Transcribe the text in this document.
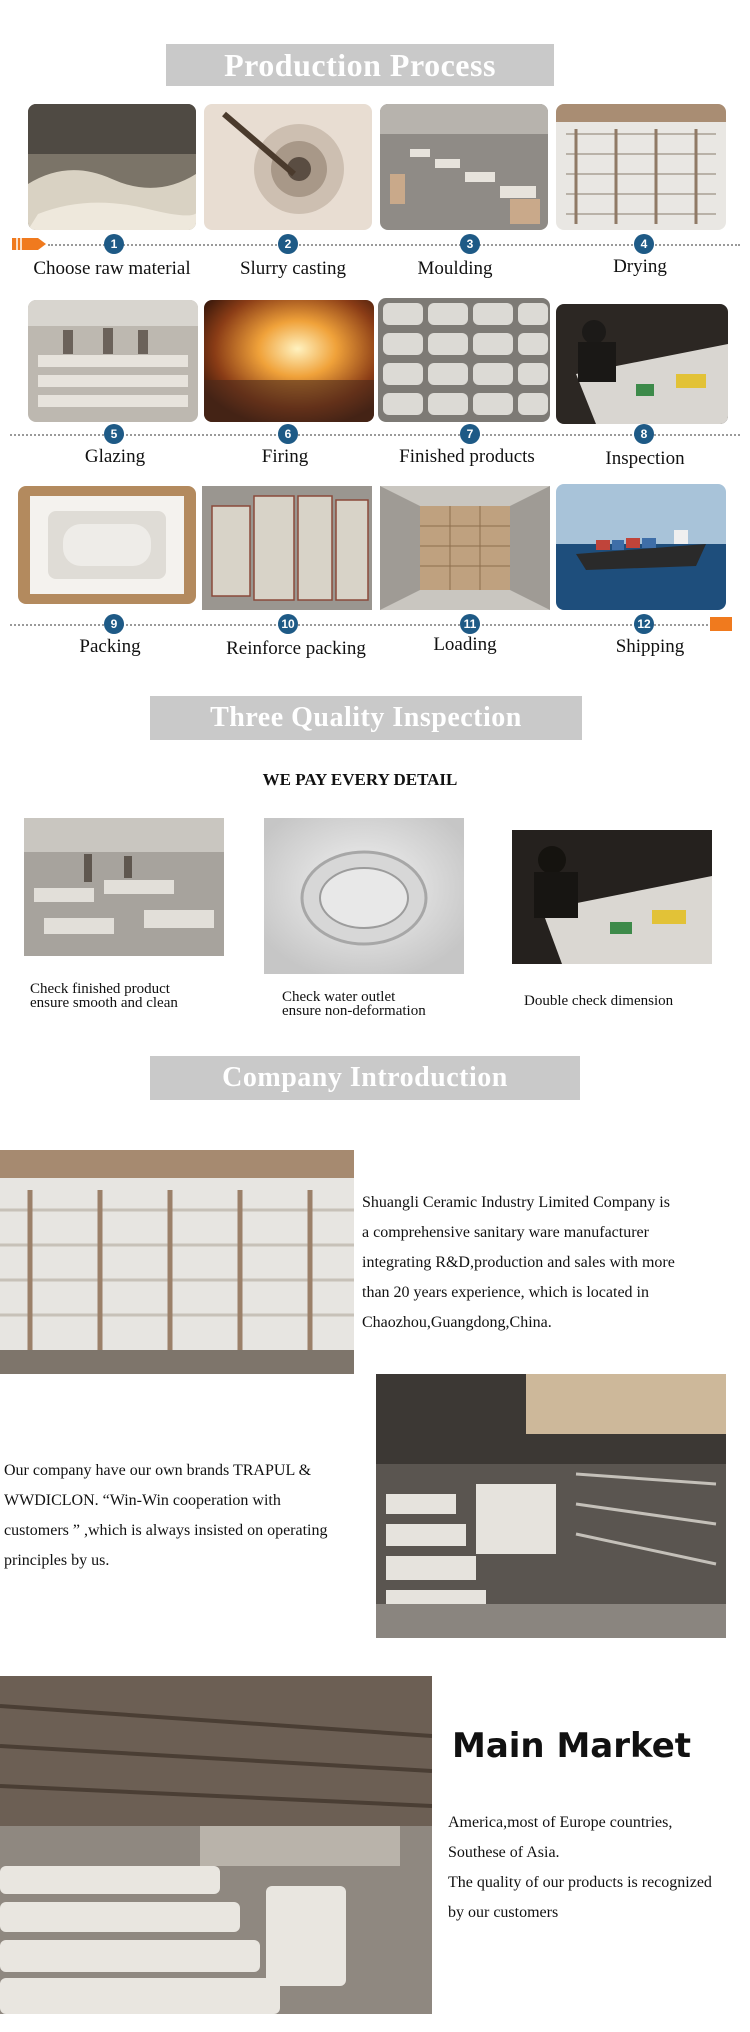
Production Process
1	2	3	4
Choose raw material	Slurry casting	Moulding	Drying
5	6	7	8
Glazing	Firing	Finished products	Inspection
9	10	11	12
Packing	Reinforce packing	Loading	Shipping
Three Quality Inspection
WE PAY EVERY DETAIL
Check finished product
ensure smooth and clean	Check water outlet
ensure non-deformation
Double check dimension
Company Introduction
Shuangli Ceramic Industry Limited Company is
a comprehensive sanitary ware manufacturer
integrating R&D,production and sales with more
than 20 years experience, which is located in
Chaozhou,Guangdong,China.
Our company have our own brands TRAPUL &
WWDICLON. “Win-Win cooperation with
customers ” ,which is always insisted on operating
principles by us.
Main Market
America,most of Europe countries,
Southese of Asia.
The quality of our products is recognized
by our customers
